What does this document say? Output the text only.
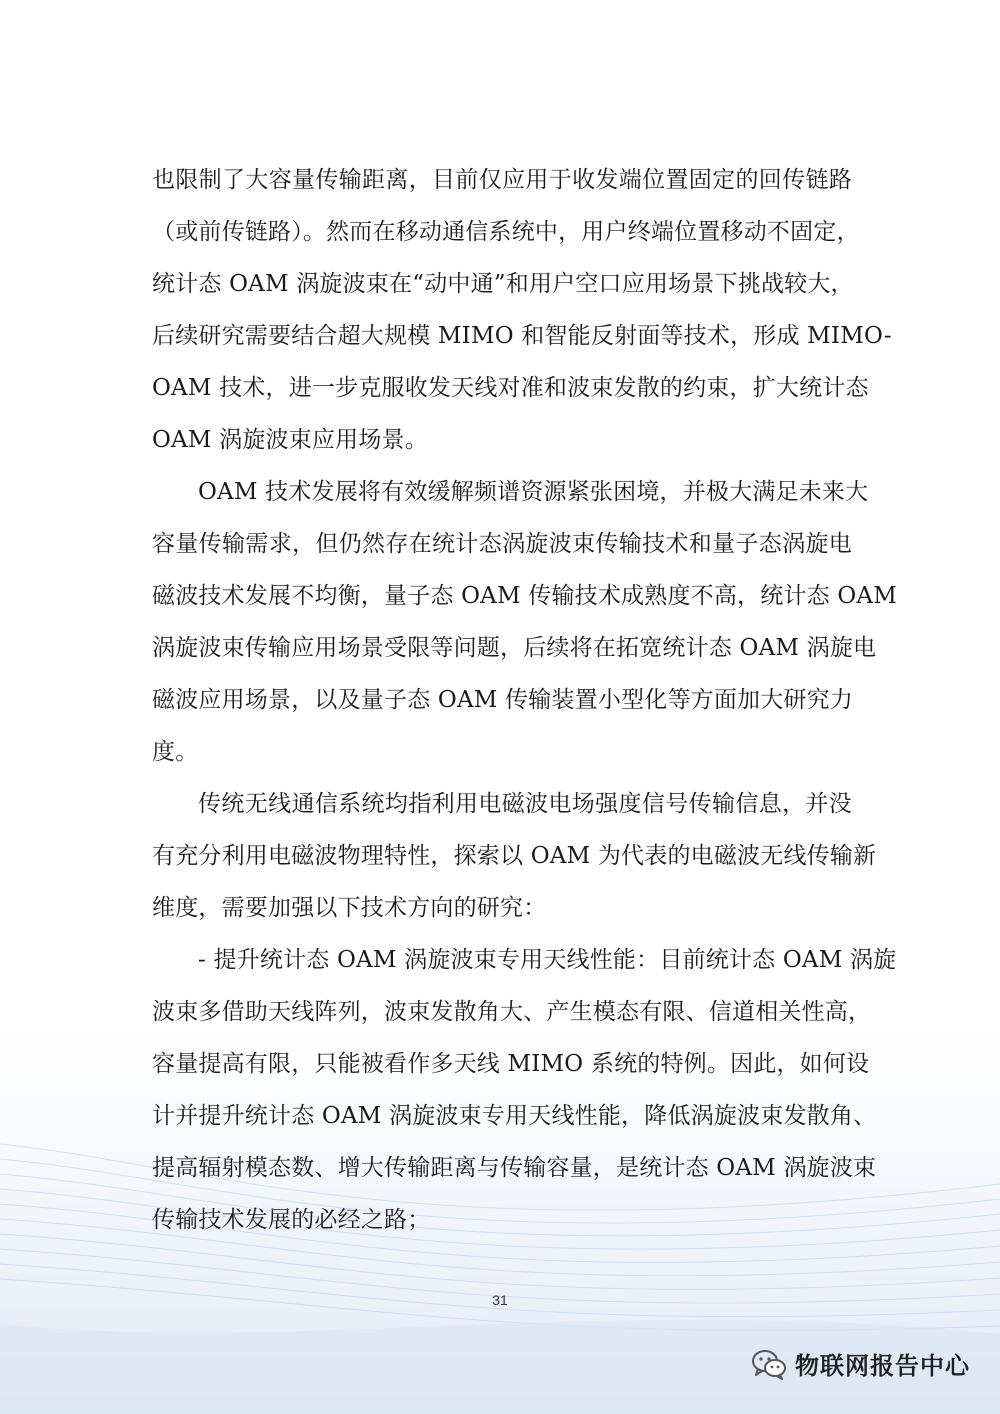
也限制了大容量传输距离，目前仅应用于收发端位置固定的回传链路
（或前传链路）。然而在移动通信系统中，用户终端位置移动不固定，
统计态 OAM 涡旋波束在“动中通”和用户空口应用场景下挑战较大，
后续研究需要结合超大规模 MIMO 和智能反射面等技术，形成 MIMO-
OAM 技术，进一步克服收发天线对准和波束发散的约束，扩大统计态
OAM 涡旋波束应用场景。
OAM 技术发展将有效缓解频谱资源紧张困境，并极大满足未来大
容量传输需求，但仍然存在统计态涡旋波束传输技术和量子态涡旋电
磁波技术发展不均衡，量子态 OAM 传输技术成熟度不高，统计态 OAM
涡旋波束传输应用场景受限等问题，后续将在拓宽统计态 OAM 涡旋电
磁波应用场景，以及量子态 OAM 传输装置小型化等方面加大研究力
度。
传统无线通信系统均指利用电磁波电场强度信号传输信息，并没
有充分利用电磁波物理特性，探索以 OAM 为代表的电磁波无线传输新
维度，需要加强以下技术方向的研究：
- 提升统计态 OAM 涡旋波束专用天线性能：目前统计态 OAM 涡旋
波束多借助天线阵列，波束发散角大、产生模态有限、信道相关性高，
容量提高有限，只能被看作多天线 MIMO 系统的特例。因此，如何设
计并提升统计态 OAM 涡旋波束专用天线性能，降低涡旋波束发散角、
提高辐射模态数、增大传输距离与传输容量，是统计态 OAM 涡旋波束
传输技术发展的必经之路；
31
物联网报告中心
